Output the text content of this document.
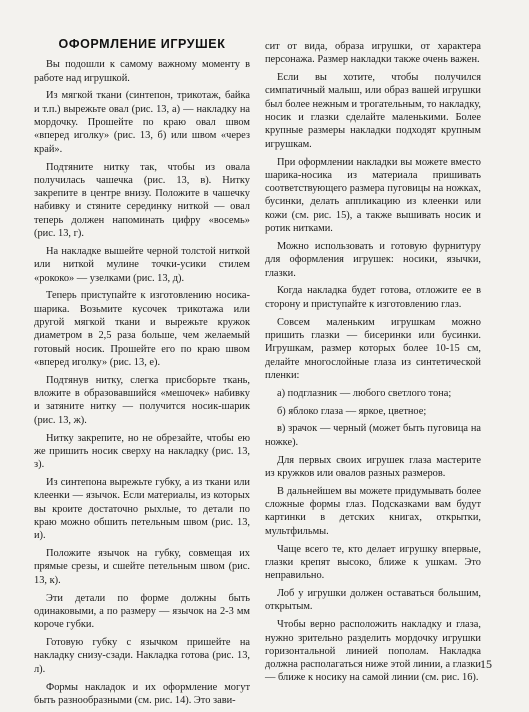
ОФОРМЛЕНИЕ ИГРУШЕК

Вы подошли к самому важному моменту в работе над игрушкой.

Из мягкой ткани (синтепон, трикотаж, байка и т.п.) вырежьте овал (рис. 13, а) — накладку на мордочку. Прошейте по краю овал швом «вперед иголку» (рис. 13, б) или швом «через край».

Подтяните нитку так, чтобы из овала получилась чашечка (рис. 13, в). Нитку закрепите в центре внизу. Положите в чашечку набивку и стяните серединку ниткой — овал теперь должен напоминать цифру «восемь» (рис. 13, г).

На накладке вышейте черной толстой ниткой или ниткой мулине точки-усики стилем «рококо» — узелками (рис. 13, д).

Теперь приступайте к изготовлению носика-шарика. Возьмите кусочек трикотажа или другой мягкой ткани и вырежьте кружок диаметром в 2,5 раза больше, чем желаемый готовый носик. Прошейте его по краю швом «вперед иголку» (рис. 13, е).

Подтянув нитку, слегка присборьте ткань, вложите в образовавшийся «мешочек» набивку и затяните нитку — получится носик-шарик (рис. 13, ж).

Нитку закрепите, но не обрезайте, чтобы ею же пришить носик сверху на накладку (рис. 13, з).

Из синтепона вырежьте губку, а из ткани или клеенки — язычок. Если материалы, из которых вы кроите достаточно рыхлые, то детали по краю можно обшить петельным швом (рис. 13, и).

Положите язычок на губку, совмещая их прямые срезы, и сшейте петельным швом (рис. 13, к).

Эти детали по форме должны быть одинаковыми, а по размеру — язычок на 2-3 мм короче губки.

Готовую губку с язычком пришейте на накладку снизу-сзади. Накладка готова (рис. 13, л).

Формы накладок и их оформление могут быть разнообразными (см. рис. 14). Это зави-

сит от вида, образа игрушки, от характера персонажа. Размер накладки также очень важен.

Если вы хотите, чтобы получился симпатичный малыш, или образ вашей игрушки был более нежным и трогательным, то накладку, носик и глазки сделайте маленькими. Более крупные размеры накладки подходят крупным игрушкам.

При оформлении накладки вы можете вместо шарика-носика из материала пришивать соответствующего размера пуговицы на ножках, бусинки, делать аппликацию из клеенки или кожи (см. рис. 15), а также вышивать носик и ротик нитками.

Можно использовать и готовую фурнитуру для оформления игрушек: носики, язычки, глазки.

Когда накладка будет готова, отложите ее в сторону и приступайте к изготовлению глаз.

Совсем маленьким игрушкам можно пришить глазки — бисеринки или бусинки. Игрушкам, размер которых более 10-15 см, делайте многослойные глаза из синтетической пленки:

а) подглазник — любого светлого тона;

б) яблоко глаза — яркое, цветное;

в) зрачок — черный (может быть пуговица на ножке).

Для первых своих игрушек глаза мастерите из кружков или овалов разных размеров.

В дальнейшем вы можете придумывать более сложные формы глаз. Подсказками вам будут картинки в детских книгах, открытки, мультфильмы.

Чаще всего те, кто делает игрушку впервые, глазки крепят высоко, ближе к ушкам. Это неправильно.

Лоб у игрушки должен оставаться большим, открытым.

Чтобы верно расположить накладку и глаза, нужно зрительно разделить мордочку игрушки горизонтальной линией пополам. Накладка должна располагаться ниже этой линии, а глазки — ближе к носику на самой линии (см. рис. 16).

15
